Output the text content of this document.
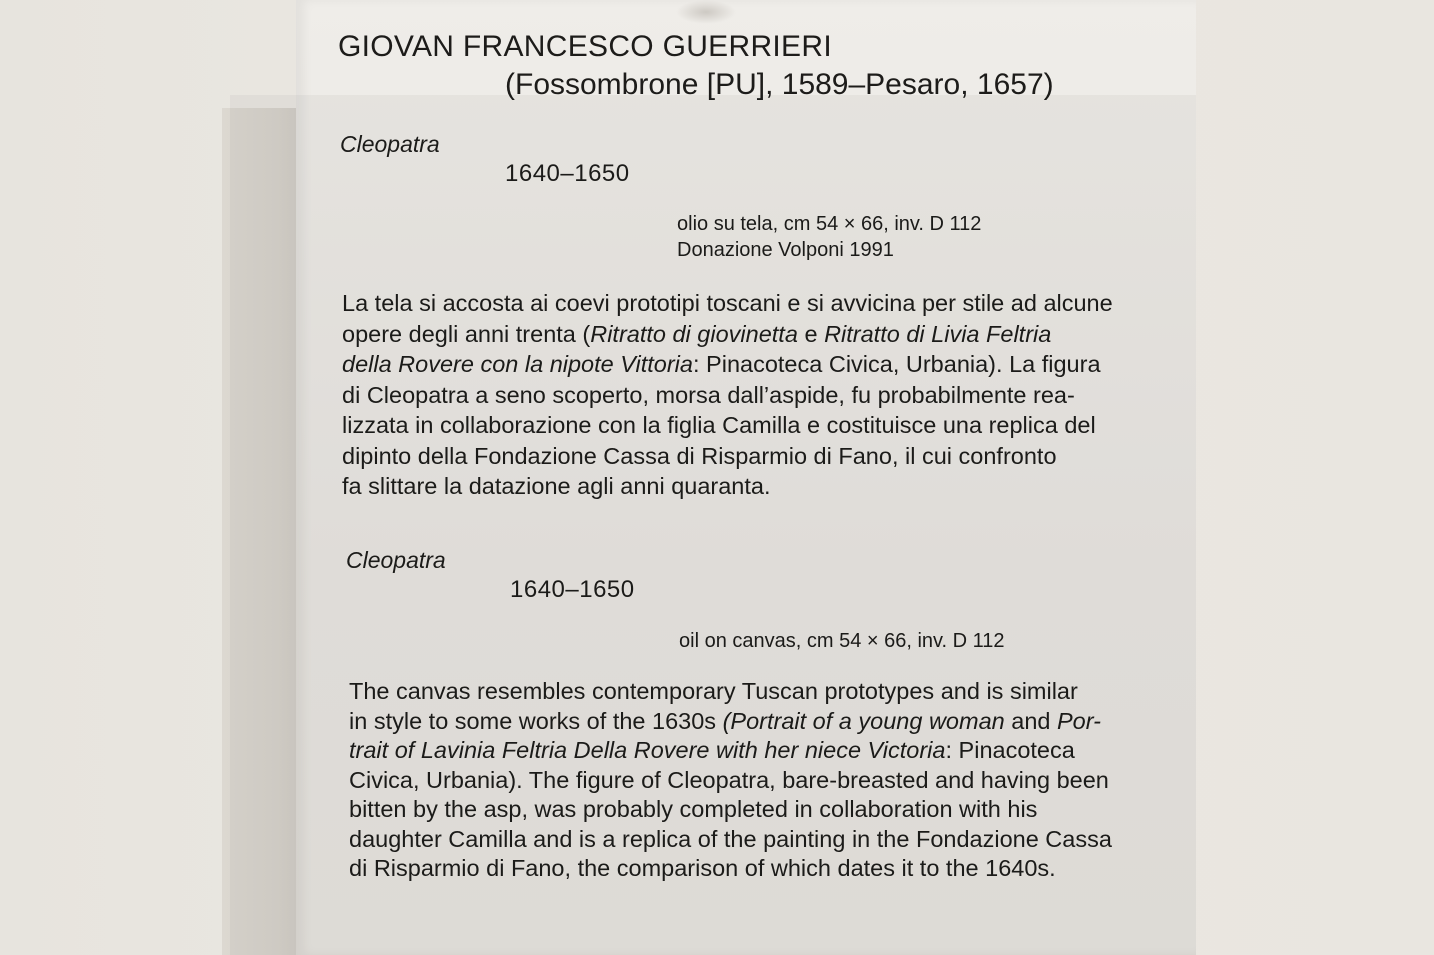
GIOVAN FRANCESCO GUERRIERI

(Fossombrone [PU], 1589–Pesaro, 1657)

Cleopatra

1640–1650

olio su tela, cm 54 × 66, inv. D 112

Donazione Volponi 1991

La tela si accosta ai coevi prototipi toscani e si avvicina per stile ad alcune
opere degli anni trenta (Ritratto di giovinetta e Ritratto di Livia Feltria
della Rovere con la nipote Vittoria: Pinacoteca Civica, Urbania). La figura
di Cleopatra a seno scoperto, morsa dall’aspide, fu probabilmente rea-
lizzata in collaborazione con la figlia Camilla e costituisce una replica del
dipinto della Fondazione Cassa di Risparmio di Fano, il cui confronto
fa slittare la datazione agli anni quaranta.

Cleopatra

1640–1650

oil on canvas, cm 54 × 66, inv. D 112

The canvas resembles contemporary Tuscan prototypes and is similar
in style to some works of the 1630s (Portrait of a young woman and Por-
trait of Lavinia Feltria Della Rovere with her niece Victoria: Pinacoteca
Civica, Urbania). The figure of Cleopatra, bare-breasted and having been
bitten by the asp, was probably completed in collaboration with his
daughter Camilla and is a replica of the painting in the Fondazione Cassa
di Risparmio di Fano, the comparison of which dates it to the 1640s.
